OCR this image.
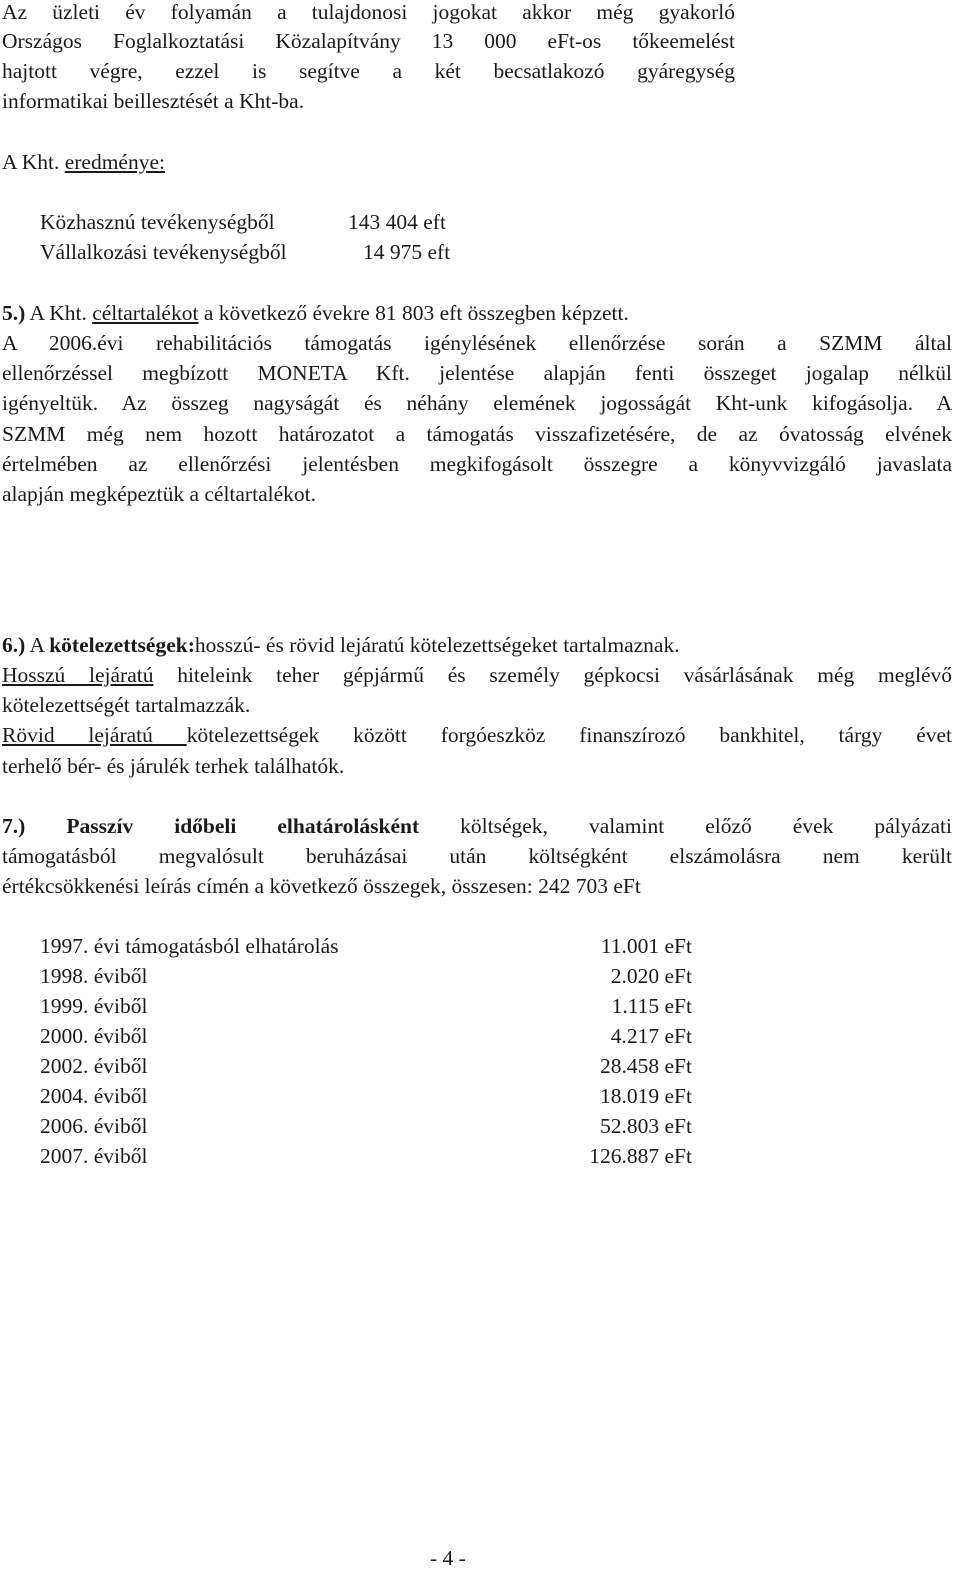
Az üzleti év folyamán a tulajdonosi jogokat akkor még gyakorló
Országos Foglalkoztatási Közalapítvány 13 000 eFt-os tőkeemelést
hajtott végre, ezzel is segítve a két becsatlakozó gyáregység
informatikai beillesztését a Kht-ba.
A Kht. eredménye:
Közhasznú tevékenységből	143 404 eft
Vállalkozási tevékenységből	14 975 eft
5.) A Kht. céltartalékot a következő évekre 81 803 eft összegben képzett.
A 2006.évi rehabilitációs támogatás igénylésének ellenőrzése során a SZMM által
ellenőrzéssel megbízott MONETA Kft. jelentése alapján fenti összeget jogalap nélkül
igényeltük. Az összeg nagyságát és néhány elemének jogosságát Kht-unk kifogásolja. A
SZMM még nem hozott határozatot a támogatás visszafizetésére, de az óvatosság elvének
értelmében az ellenőrzési jelentésben megkifogásolt összegre a könyvvizgáló javaslata
alapján megképeztük a céltartalékot.
6.) A kötelezettségek:hosszú- és rövid lejáratú kötelezettségeket tartalmaznak.
Hosszú lejáratú hiteleink teher gépjármű és személy gépkocsi vásárlásának még meglévő
kötelezettségét tartalmazzák.
Rövid lejáratú kötelezettségek között forgóeszköz finanszírozó bankhitel, tárgy évet
terhelő bér- és járulék terhek találhatók.
7.) Passzív időbeli elhatárolásként költségek, valamint előző évek pályázati
támogatásból megvalósult beruházásai után költségként elszámolásra nem került
értékcsökkenési leírás címén a következő összegek, összesen: 242 703 eFt
1997. évi támogatásból elhatárolás	11.001 eFt
1998. éviből	2.020 eFt
1999. éviből	1.115 eFt
2000. éviből	4.217 eFt
2002. éviből	28.458 eFt
2004. éviből	18.019 eFt
2006. éviből	52.803 eFt
2007. éviből	126.887 eFt
- 4 -
